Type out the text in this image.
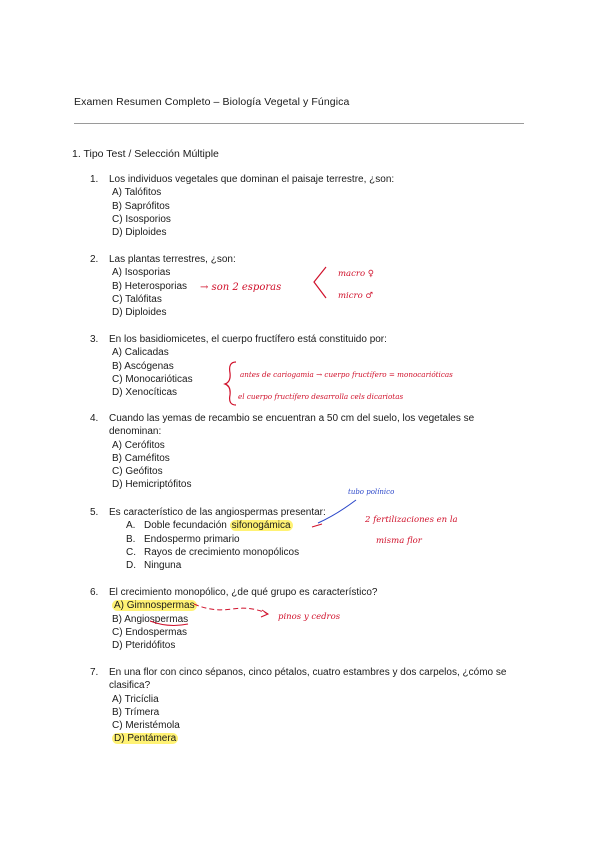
Examen Resumen Completo – Biología Vegetal y Fúngica
1. Tipo Test / Selección Múltiple
1. Los individuos vegetales que dominan el paisaje terrestre, ¿son:
A) Talófitos
B) Saprófitos
C) Isosporios
D) Diploides
2. Las plantas terrestres, ¿son:
A) Isosporias
B) Heterosporias
C) Talófitas
D) Diploides
3. En los basidiomicetes, el cuerpo fructífero está constituido por:
A) Calicadas
B) Ascógenas
C) Monocarióticas
D) Xenocíticas
4. Cuando las yemas de recambio se encuentran a 50 cm del suelo, los vegetales se denominan:
A) Cerófitos
B) Caméfitos
C) Geófitos
D) Hemicriptófitos
5. Es característico de las angiospermas presentar:
A. Doble fecundación sifonogámica
B. Endospermo primario
C. Rayos de crecimiento monopólicos
D. Ninguna
6. El crecimiento monopólico, ¿de qué grupo es característico?
A) Gimnospermas
B) Angiospermas
C) Endospermas
D) Pteridófitos
7. En una flor con cinco sépanos, cinco pétalos, cuatro estambres y dos carpelos, ¿cómo se clasifica?
A) Tricíclia
B) Trímera
C) Meristémola
D) Pentámera
→ son 2 esporas
macro ♀
micro ♂
antes de cariogamia → cuerpo fructífero = monocarióticas
el cuerpo fructífero desarrolla cels dicariotas
tubo polínico
2 fertilizaciones en la
misma flor
pinos y cedros
